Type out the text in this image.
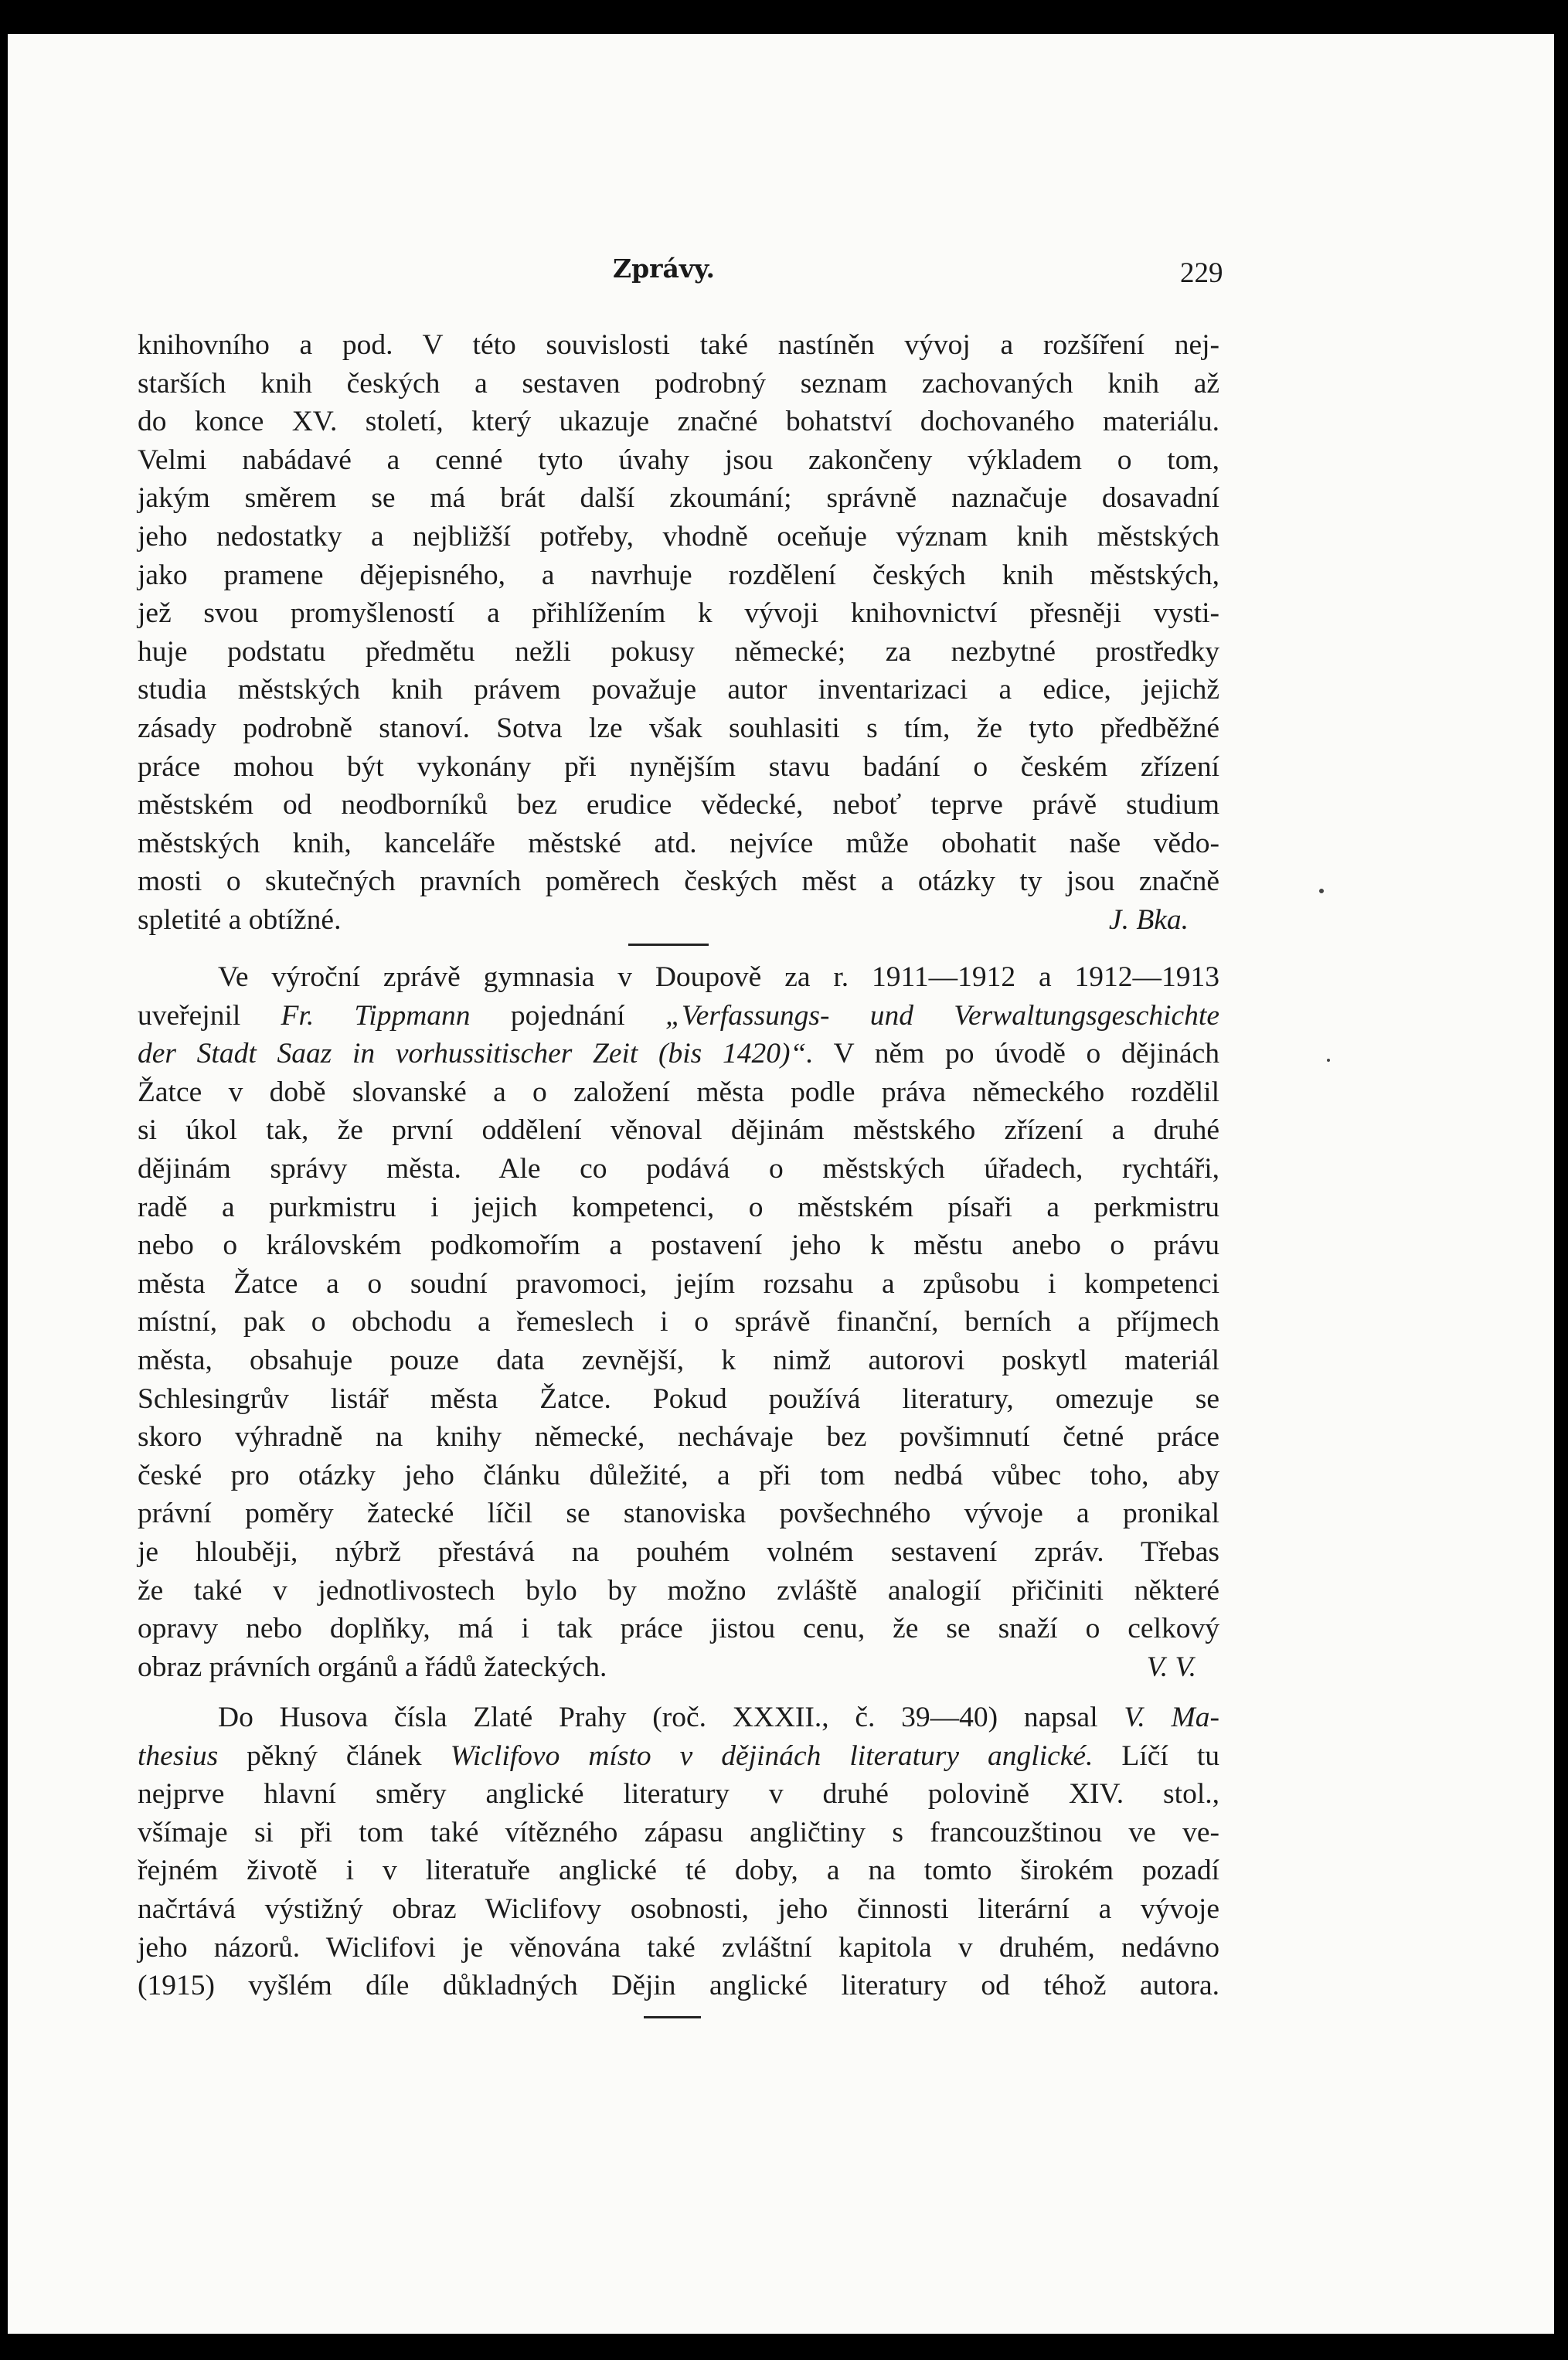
Zprávy.	229
knihovního a pod. V této souvislosti také nastíněn vývoj a rozšíření nej-
starších knih českých a sestaven podrobný seznam zachovaných knih až
do konce XV. století, který ukazuje značné bohatství dochovaného materiálu.
Velmi nabádavé a cenné tyto úvahy jsou zakončeny výkladem o tom,
jakým směrem se má brát další zkoumání; správně naznačuje dosavadní
jeho nedostatky a nejbližší potřeby, vhodně oceňuje význam knih městských
jako pramene dějepisného, a navrhuje rozdělení českých knih městských,
jež svou promyšleností a přihlížením k vývoji knihovnictví přesněji vysti-
huje podstatu předmětu nežli pokusy německé; za nezbytné prostředky
studia městských knih právem považuje autor inventarizaci a edice, jejichž
zásady podrobně stanoví. Sotva lze však souhlasiti s tím, že tyto předběžné
práce mohou být vykonány při nynějším stavu badání o českém zřízení
městském od neodborníků bez erudice vědecké, neboť teprve právě studium
městských knih, kanceláře městské atd. nejvíce může obohatit naše vědo-
mosti o skutečných pravních poměrech českých měst a otázky ty jsou značně
spletité a obtížné.	J. Bka.
Ve výroční zprávě gymnasia v Doupově za r. 1911—1912 a 1912—1913
uveřejnil Fr. Tippmann pojednání „Verfassungs- und Verwaltungsgeschichte
der Stadt Saaz in vorhussitischer Zeit (bis 1420)“. V něm po úvodě o dějinách
Žatce v době slovanské a o založení města podle práva německého rozdělil
si úkol tak, že první oddělení věnoval dějinám městského zřízení a druhé
dějinám správy města. Ale co podává o městských úřadech, rychtáři,
radě a purkmistru i jejich kompetenci, o městském písaři a perkmistru
nebo o královském podkomořím a postavení jeho k městu anebo o právu
města Žatce a o soudní pravomoci, jejím rozsahu a způsobu i kompetenci
místní, pak o obchodu a řemeslech i o správě finanční, berních a příjmech
města, obsahuje pouze data zevnější, k nimž autorovi poskytl materiál
Schlesingrův listář města Žatce. Pokud používá literatury, omezuje se
skoro výhradně na knihy německé, nechávaje bez povšimnutí četné práce
české pro otázky jeho článku důležité, a při tom nedbá vůbec toho, aby
právní poměry žatecké líčil se stanoviska povšechného vývoje a pronikal
je hlouběji, nýbrž přestává na pouhém volném sestavení zpráv. Třebas
že také v jednotlivostech bylo by možno zvláště analogií přičiniti některé
opravy nebo doplňky, má i tak práce jistou cenu, že se snaží o celkový
obraz právních orgánů a řádů žateckých.	V. V.
Do Husova čísla Zlaté Prahy (roč. XXXII., č. 39—40) napsal V. Ma-
thesius pěkný článek Wiclifovo místo v dějinách literatury anglické. Líčí tu
nejprve hlavní směry anglické literatury v druhé polovině XIV. stol.,
všímaje si při tom také vítězného zápasu angličtiny s francouzštinou ve ve-
řejném životě i v literatuře anglické té doby, a na tomto širokém pozadí
načrtává výstižný obraz Wiclifovy osobnosti, jeho činnosti literární a vývoje
jeho názorů. Wiclifovi je věnována také zvláštní kapitola v druhém, nedávno
(1915) vyšlém díle důkladných Dějin anglické literatury od téhož autora.
